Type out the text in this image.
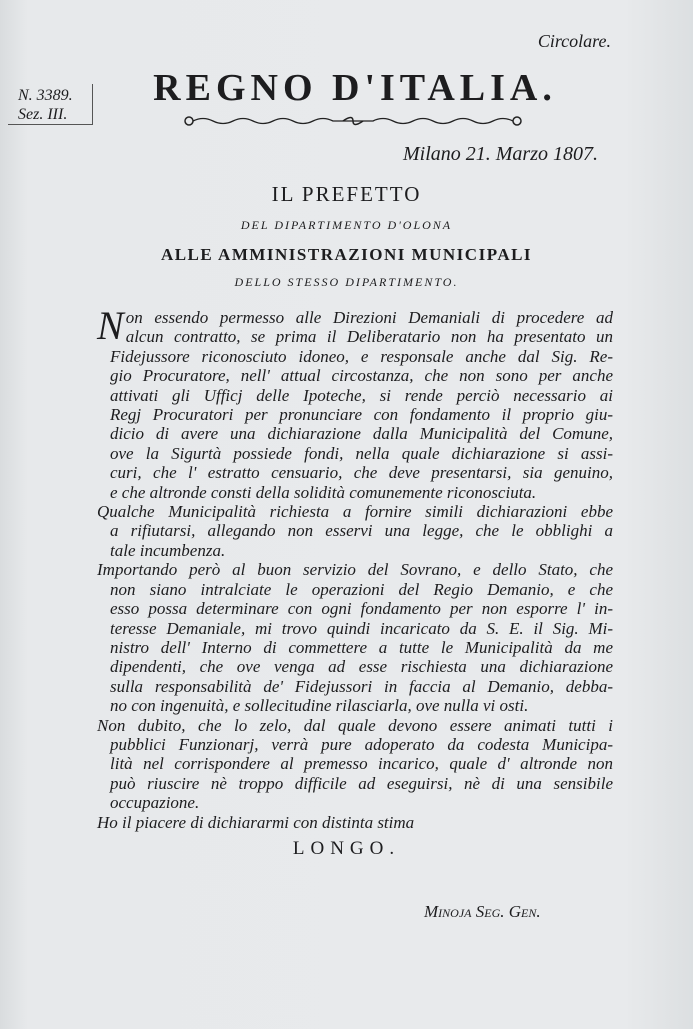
Circolare.
N. 3389.
Sez. III.
REGNO D'ITALIA.
Milano 21. Marzo 1807.
IL PREFETTO
DEL DIPARTIMENTO D'OLONA
ALLE AMMINISTRAZIONI MUNICIPALI
DELLO STESSO DIPARTIMENTO.
N on essendo permesso alle Direzioni Demaniali di procedere ad
alcun contratto, se prima il Deliberatario non ha presentato un
Fidejussore riconosciuto idoneo, e responsale anche dal Sig. Re-
gio Procuratore, nell' attual circostanza, che non sono per anche
attivati gli Ufficj delle Ipoteche, si rende perciò necessario ai
Regj Procuratori per pronunciare con fondamento il proprio giu-
dicio di avere una dichiarazione dalla Municipalità del Comune,
ove la Sigurtà possiede fondi, nella quale dichiarazione si assi-
curi, che l' estratto censuario, che deve presentarsi, sia genuino,
e che altronde consti della solidità comunemente riconosciuta.
Qualche Municipalità richiesta a fornire simili dichiarazioni ebbe
a rifiutarsi, allegando non esservi una legge, che le obblighi a
tale incumbenza.
Importando però al buon servizio del Sovrano, e dello Stato, che
non siano intralciate le operazioni del Regio Demanio, e che
esso possa determinare con ogni fondamento per non esporre l' in-
teresse Demaniale, mi trovo quindi incaricato da S. E. il Sig. Mi-
nistro dell' Interno di commettere a tutte le Municipalità da me
dipendenti, che ove venga ad esse rischiesta una dichiarazione
sulla responsabilità de' Fidejussori in faccia al Demanio, debba-
no con ingenuità, e sollecitudine rilasciarla, ove nulla vi osti.
Non dubito, che lo zelo, dal quale devono essere animati tutti i
pubblici Funzionarj, verrà pure adoperato da codesta Municipa-
lità nel corrispondere al premesso incarico, quale d' altronde non
può riuscire nè troppo difficile ad eseguirsi, nè di una sensibile
occupazione.
Ho il piacere di dichiararmi con distinta stima
LONGO.
Minoja Seg. Gen.
